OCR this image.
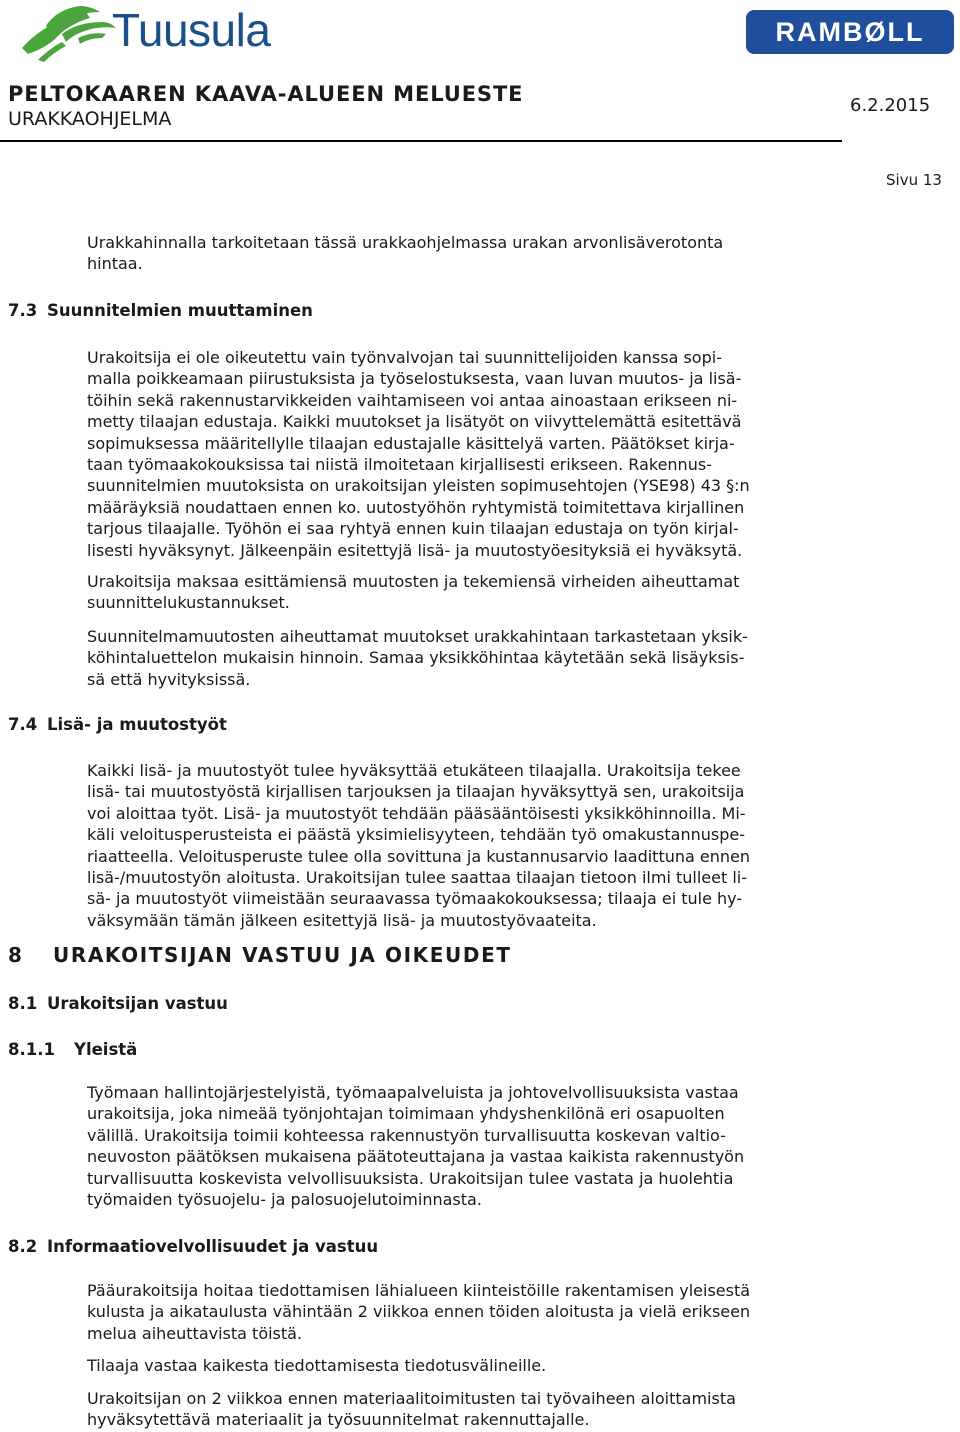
Tuusula	RAMBØLL
PELTOKAAREN KAAVA-ALUEEN MELUESTE
URAKKAOHJELMA
6.2.2015
Sivu 13
Urakkahinnalla tarkoitetaan tässä urakkaohjelmassa urakan arvonlisäverotonta
hintaa.
7.3 Suunnitelmien muuttaminen
Urakoitsija ei ole oikeutettu vain työnvalvojan tai suunnittelijoiden kanssa sopi-
malla poikkeamaan piirustuksista ja työselostuksesta, vaan luvan muutos- ja lisä-
töihin sekä rakennustarvikkeiden vaihtamiseen voi antaa ainoastaan erikseen ni-
metty tilaajan edustaja. Kaikki muutokset ja lisätyöt on viivyttelemättä esitettävä
sopimuksessa määritellylle tilaajan edustajalle käsittelyä varten. Päätökset kirja-
taan työmaakokouksissa tai niistä ilmoitetaan kirjallisesti erikseen. Rakennus-
suunnitelmien muutoksista on urakoitsijan yleisten sopimusehtojen (YSE98) 43 §:n
määräyksiä noudattaen ennen ko. uutostyöhön ryhtymistä toimitettava kirjallinen
tarjous tilaajalle. Työhön ei saa ryhtyä ennen kuin tilaajan edustaja on työn kirjal-
lisesti hyväksynyt. Jälkeenpäin esitettyjä lisä- ja muutostyöesityksiä ei hyväksytä.
Urakoitsija maksaa esittämiensä muutosten ja tekemiensä virheiden aiheuttamat
suunnittelukustannukset.
Suunnitelmamuutosten aiheuttamat muutokset urakkahintaan tarkastetaan yksik-
köhintaluettelon mukaisin hinnoin. Samaa yksikköhintaa käytetään sekä lisäyksis-
sä että hyvityksissä.
7.4 Lisä- ja muutostyöt
Kaikki lisä- ja muutostyöt tulee hyväksyttää etukäteen tilaajalla. Urakoitsija tekee
lisä- tai muutostyöstä kirjallisen tarjouksen ja tilaajan hyväksyttyä sen, urakoitsija
voi aloittaa työt. Lisä- ja muutostyöt tehdään pääsääntöisesti yksikköhinnoilla. Mi-
käli veloitusperusteista ei päästä yksimielisyyteen, tehdään työ omakustannuspe-
riaatteella. Veloitusperuste tulee olla sovittuna ja kustannusarvio laadittuna ennen
lisä-/muutostyön aloitusta. Urakoitsijan tulee saattaa tilaajan tietoon ilmi tulleet li-
sä- ja muutostyöt viimeistään seuraavassa työmaakokouksessa; tilaaja ei tule hy-
väksymään tämän jälkeen esitettyjä lisä- ja muutostyövaateita.
8 URAKOITSIJAN VASTUU JA OIKEUDET
8.1 Urakoitsijan vastuu
8.1.1 Yleistä
Työmaan hallintojärjestelyistä, työmaapalveluista ja johtovelvollisuuksista vastaa
urakoitsija, joka nimeää työnjohtajan toimimaan yhdyshenkilönä eri osapuolten
välillä. Urakoitsija toimii kohteessa rakennustyön turvallisuutta koskevan valtio-
neuvoston päätöksen mukaisena päätoteuttajana ja vastaa kaikista rakennustyön
turvallisuutta koskevista velvollisuuksista. Urakoitsijan tulee vastata ja huolehtia
työmaiden työsuojelu- ja palosuojelutoiminnasta.
8.2 Informaatiovelvollisuudet ja vastuu
Pääurakoitsija hoitaa tiedottamisen lähialueen kiinteistöille rakentamisen yleisestä
kulusta ja aikataulusta vähintään 2 viikkoa ennen töiden aloitusta ja vielä erikseen
melua aiheuttavista töistä.
Tilaaja vastaa kaikesta tiedottamisesta tiedotusvälineille.
Urakoitsijan on 2 viikkoa ennen materiaalitoimitusten tai työvaiheen aloittamista
hyväksytettävä materiaalit ja työsuunnitelmat rakennuttajalle.
